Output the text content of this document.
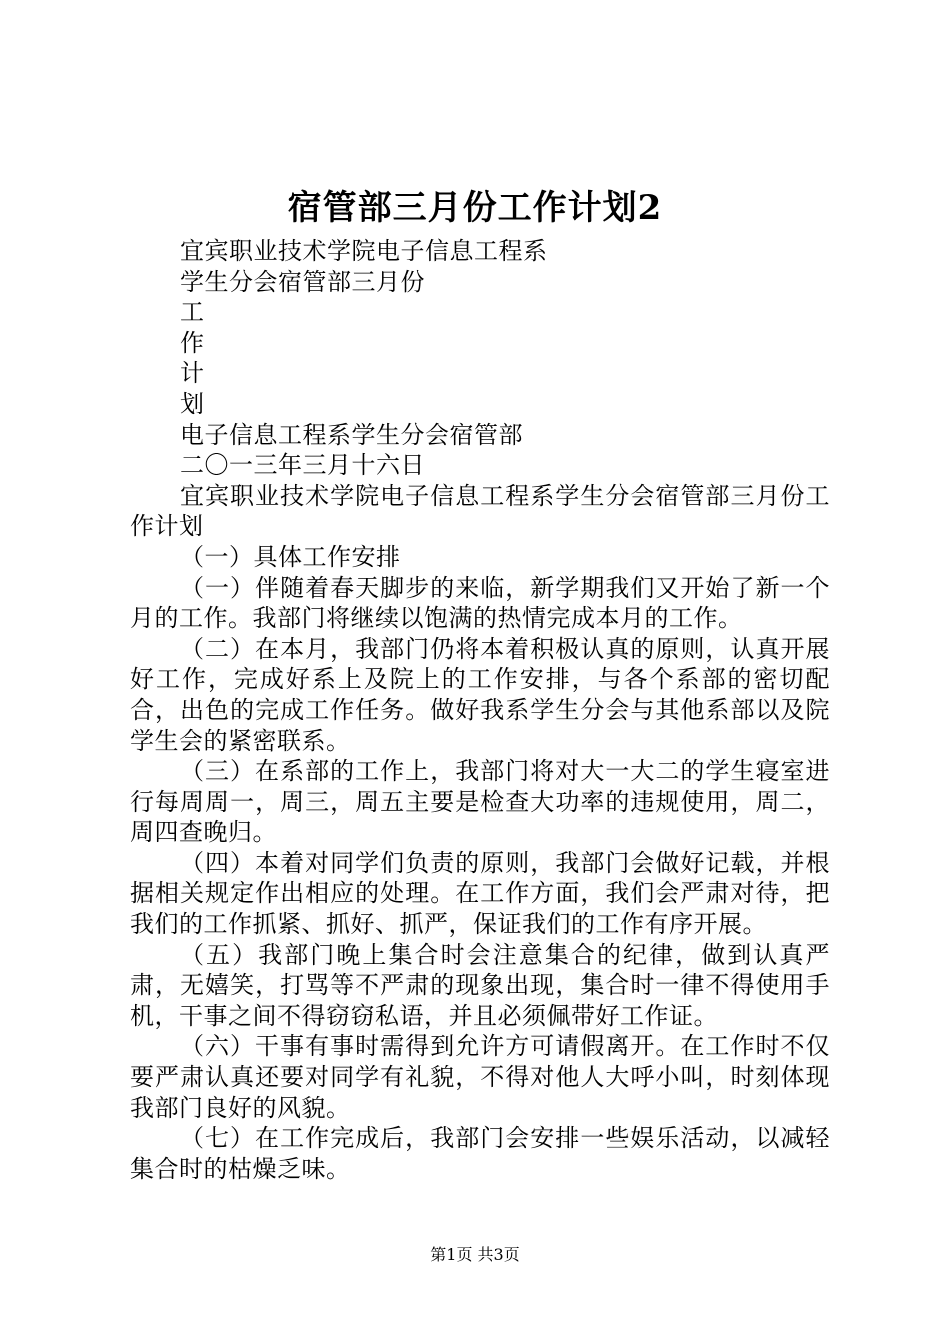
宿管部三月份工作计划2

宜宾职业技术学院电子信息工程系

学生分会宿管部三月份

工

作

计

划

电子信息工程系学生分会宿管部

二〇一三年三月十六日

宜宾职业技术学院电子信息工程系学生分会宿管部三月份工作计划

（一）具体工作安排

（一）伴随着春天脚步的来临，新学期我们又开始了新一个月的工作。我部门将继续以饱满的热情完成本月的工作。

（二）在本月，我部门仍将本着积极认真的原则，认真开展好工作，完成好系上及院上的工作安排，与各个系部的密切配合，出色的完成工作任务。做好我系学生分会与其他系部以及院学生会的紧密联系。

（三）在系部的工作上，我部门将对大一大二的学生寝室进行每周周一，周三，周五主要是检查大功率的违规使用，周二，周四查晚归。

（四）本着对同学们负责的原则，我部门会做好记载，并根据相关规定作出相应的处理。在工作方面，我们会严肃对待，把我们的工作抓紧、抓好、抓严，保证我们的工作有序开展。

（五）我部门晚上集合时会注意集合的纪律，做到认真严肃，无嬉笑，打骂等不严肃的现象出现，集合时一律不得使用手机，干事之间不得窃窃私语，并且必须佩带好工作证。

（六）干事有事时需得到允许方可请假离开。在工作时不仅要严肃认真还要对同学有礼貌，不得对他人大呼小叫，时刻体现我部门良好的风貌。

（七）在工作完成后，我部门会安排一些娱乐活动，以减轻集合时的枯燥乏味。

第1页 共3页
